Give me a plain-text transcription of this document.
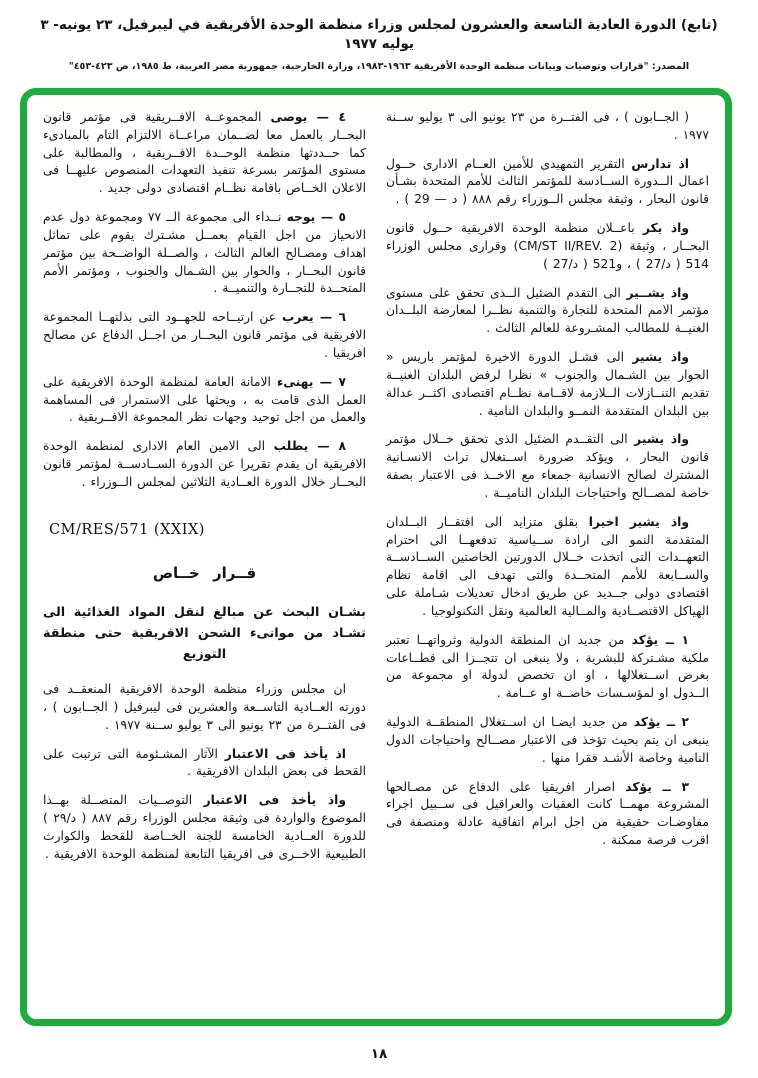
(تابع) الدورة العادية التاسعة والعشرون لمجلس وزراء منظمة الوحدة الأفريقية في ليبرفيل، ٢٣ يونيه- ٣ يوليه ١٩٧٧
المصدر: "قرارات وتوصيات وبيانات منظمة الوحدة الأفريقية ١٩٦٣-١٩٨٣، وزارة الخارجية، جمهورية مصر العربية، ط ١٩٨٥، ص ٤٢٣-٤٥٣"

( الجــابون ) ، فى الفتــرة من ٢٣ يونيو الى ٣ يوليو ســنة ١٩٧٧ .

اذ تدارس التقرير التمهيدى للأمين العــام الادارى حــول اعمال الــدورة الســادسة للمؤتمر الثالث للأمم المتحدة بشـأن قانون البحار ، وثيقة مجلس الــوزراء رقم ٨٨٨ ( د — 29 ) .

واذ يكر باعــلان منظمة الوحدة الافريقية حــول قانون البحــار ، وثيقة (CM/ST II/REV. 2) وقرارى مجلس الوزراء 514 ( د/27 ) ، و521 ( د/27 )

واذ يشــير الى التقدم الضئيل الــذى تحقق على مستوى مؤتمر الامم المتحدة للتجارة والتنمية نظــرا لمعارضة البلــدان الغنيــة للمطالب المشـروعة للعالم الثالث .

واذ يشير الى فشـل الدورة الاخيرة لمؤتمر باريس « الحوار بين الشـمال والجنوب » نظرا لرفض البلدان الغنيــة تقديم التنــازلات الــلازمة لاقــامة نظــام اقتصادى اكثــر عدالة بين البلدان المتقدمة النمــو والبلدان النامية .

واذ يشير الى التقــدم الضئيل الذى تحقق خــلال مؤتمر قانون البحار ، ويؤكد ضرورة اســتغلال تراث الانسـانية المشترك لصالح الانسانية جمعاء مع الاخــذ فى الاعتبار بصفة خاصة لمصــالح واحتياجات البلدان الناميــة .

واذ يشير اخيرا بقلق متزايد الى افتقــار البــلدان المتقدمة النمو الى ارادة ســياسية تدفعهــا الى احترام التعهــدات التى اتخذت خــلال الدورتين الخاصتين الســادســة والســابعة للأمم المتحــدة والتى تهدف الى اقامة نظام اقتصادى دولى جــديد عن طريق ادخال تعديلات شـاملة على الهياكل الاقتصــادية والمــالية العالمية ونقل التكنولوجيا .

١ ــ يؤكد من جديد ان المنطقة الدولية وثرواتهــا تعتبر ملكية مشـتركة للبشرية ، ولا ينبغى ان تتجــزا الى قطــاعات بغرض اســتغلالها ، او ان تخصص لدولة او مجموعة من الــدول او لمؤسـسات خاصــة او عــامة .

٢ ــ يؤكد من جديد ايضـا ان اســتغلال المنطقــة الدولية ينبغى ان يتم بحيث تؤخذ فى الاعتبار مصــالح واحتياجات الدول النامية وخاصة الأشـد فقرا منها .

٣ ــ يؤكد اصرار افريقيا على الدفاع عن مصـالحها المشروعة مهمــا كانت العقبات والعراقيل فى ســبيل اجراء مفاوضـات حقيقية من اجل ابرام اتفاقية عادلة ومنصفة فى اقرب فرصة ممكنة .

٤ — يوصى المجموعــة الافــريقية فى مؤتمر قانون البحــار بالعمل معا لضــمان مراعــاة الالتزام التام بالمبادىء كما حــددتها منظمة الوحــدة الافــريقية ، والمطالبة على مستوى المؤتمر بسرعة تنفيذ التعهدات المنصوص عليهــا فى الاعلان الخــاص باقامة نظــام اقتصادى دولى جديد .

٥ — يوجه نــداء الى مجموعة الــ ٧٧ ومجموعة دول عدم الانحياز من اجل القيام بعمــل مشـترك يقوم على تماثل اهداف ومصـالح العالم الثالث ، والصــلة الواضــحة بين مؤتمر قانون البحــار ، والحوار بين الشـمال والجنوب ، ومؤتمر الأمم المتحــدة للتجــارة والتنميــة .

٦ — يعرب عن ارتيــاحه للجهــود التى بذلتهــا المجموعة الافريقية فى مؤتمر قانون البحــار من اجــل الدفاع عن مصالح افريقيا .

٧ — يهنىء الامانة العامة لمنظمة الوحدة الافريقية على العمل الذى قامت به ، ويحثها على الاستمرار فى المساهمة والعمل من اجل توحيد وجهات نظر المجموعة الافــريقية .

٨ — يطلب الى الامين العام الادارى لمنظمة الوحدة الافريقية ان يقدم تقريرا عن الدورة الســادســة لمؤتمر قانون البحــار خلال الدورة العــادية الثلاثين لمجلس الــوزراء .

CM/RES/571 (XXIX)
قــرار خــاص
بشـان البحث عن مبالغ لنقل المواد الغذائية الى تشـاد من موانىء الشحن الافريقية حتى منطقة التوزيع

ان مجلس وزراء منظمة الوحدة الافريقية المنعقــد فى دورته العــادية التاســعة والعشرين فى ليبرفيل ( الجــابون ) ، فى الفتــرة من ٢٣ يونيو الى ٣ يوليو ســنة ١٩٧٧ .

اذ يأخذ فى الاعتبار الآثار المشـئومة التى ترتبت على القحط فى بعض البلدان الافريقية .

واذ يأخذ فى الاعتبار التوصــيات المتصــلة بهــذا الموضوع والواردة فى وثيقة مجلس الوزراء رقم ٨٨٧ ( د/٢٩ ) للدورة العــادية الخامسة للجنة الخــاصة للقحط والكوارث الطبيعية الاخــرى فى افريقيا التابعة لمنظمة الوحدة الافريقية .

١٨
